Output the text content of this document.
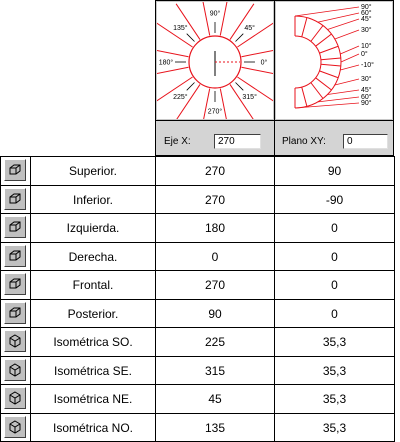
90°
45°
0°
315°
270°
225°
180°
135°
90°
60°
45°
30°
10°
0°
-10°
30°
45°
60°
90°
Eje X:	270	Plano XY:	0
Superior.	270	90
Inferior.	270	-90
Izquierda.	180	0
Derecha.	0	0
Frontal.	270	0
Posterior.	90	0
Isométrica SO.	225	35,3
Isométrica SE.	315	35,3
Isométrica NE.	45	35,3
Isométrica NO.	135	35,3
